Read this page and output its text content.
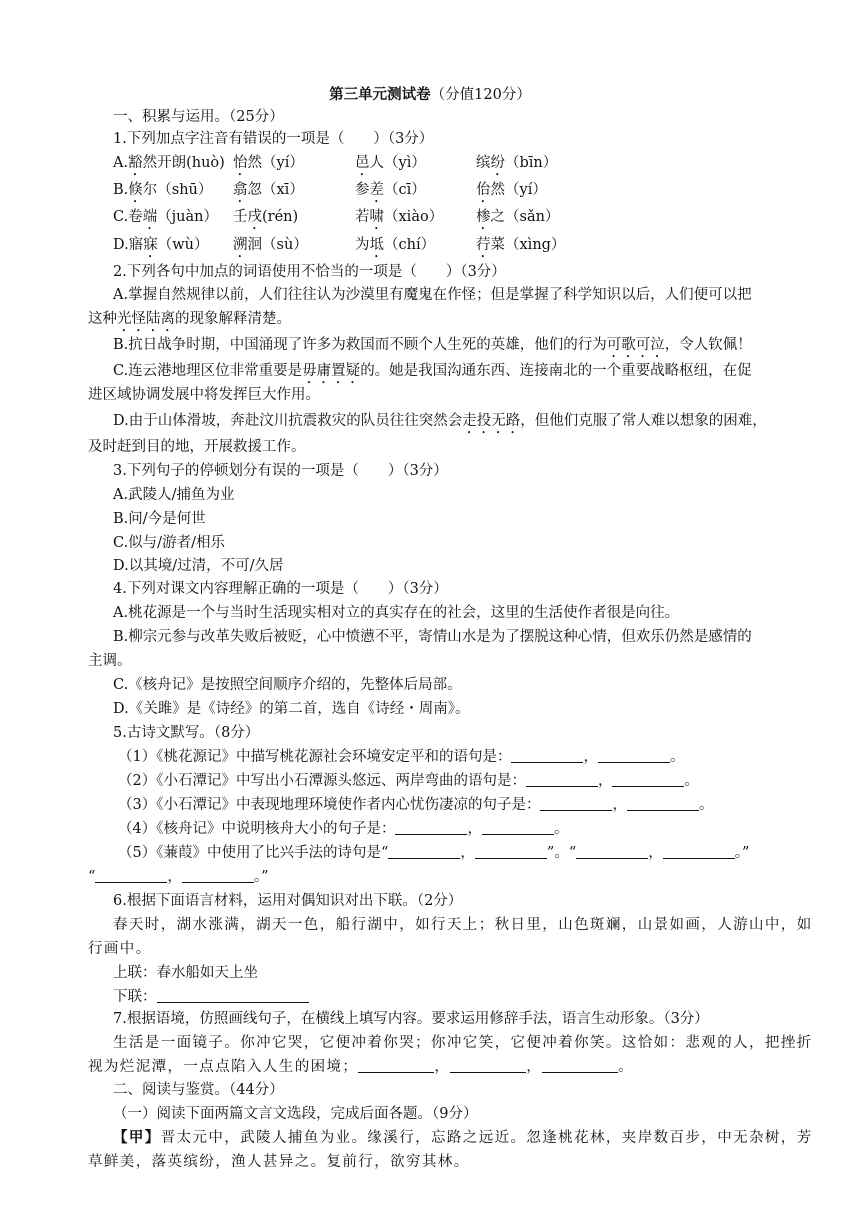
第三单元测试卷（分值120分）
一、积累与运用。（25分）
1.下列加点字注音有错误的一项是（　　）（3分）
A.豁然开朗(huò) 怡然（yí）	邑人（yì）	缤纷（bīn）
B.倏尔（shū） 翕忽（xī）	参差（cī）	佁然（yí）
C.卷端（juàn） 壬戌(rén)	若啸（xiào） 椮之（sǎn）
D.寤寐（wù） 溯洄（sù）	为坻（chí）	荇菜（xìng）
2.下列各句中加点的词语使用不恰当的一项是（　　）（3分）
A.掌握自然规律以前，人们往往认为沙漠里有魔鬼在作怪；但是掌握了科学知识以后，人们便可以把
这种光怪陆离的现象解释清楚。
B.抗日战争时期，中国涌现了许多为救国而不顾个人生死的英雄，他们的行为可歌可泣，令人钦佩！
C.连云港地理区位非常重要是毋庸置疑的。她是我国沟通东西、连接南北的一个重要战略枢纽，在促
进区域协调发展中将发挥巨大作用。
D.由于山体滑坡，奔赴汶川抗震救灾的队员往往突然会走投无路，但他们克服了常人难以想象的困难，
及时赶到目的地，开展救援工作。
3.下列句子的停顿划分有误的一项是（　　）（3分）
A.武陵人/捕鱼为业
B.问/今是何世
C.似与/游者/相乐
D.以其境/过清，不可/久居
4.下列对课文内容理解正确的一项是（　　）（3分）
A.桃花源是一个与当时生活现实相对立的真实存在的社会，这里的生活使作者很是向往。
B.柳宗元参与改革失败后被贬，心中愤懑不平，寄情山水是为了摆脱这种心情，但欢乐仍然是感情的
主调。
C.《核舟记》是按照空间顺序介绍的，先整体后局部。
D.《关雎》是《诗经》的第二首，选自《诗经・周南》。
5.古诗文默写。（8分）
（1）《桃花源记》中描写桃花源社会环境安定平和的语句是：	，	。
（2）《小石潭记》中写出小石潭源头悠远、两岸弯曲的语句是：	，	。
（3）《小石潭记》中表现地理环境使作者内心忧伤凄凉的句子是：	，	。
（4）《核舟记》中说明核舟大小的句子是：	，	。
（5）《蒹葭》中使用了比兴手法的诗句是“	，	”。“	，	。”
“	，	。”
6.根据下面语言材料，运用对偶知识对出下联。（2分）
春天时，湖水涨满，湖天一色，船行湖中，如行天上；秋日里，山色斑斓，山景如画，人游山中，如
行画中。
上联：春水船如天上坐
下联：
7.根据语境，仿照画线句子，在横线上填写内容。要求运用修辞手法，语言生动形象。（3分）
生活是一面镜子。你冲它哭，它便冲着你哭；你冲它笑，它便冲着你笑。这恰如：悲观的人，把挫折
视为烂泥潭，一点点陷入人生的困境；	，	，	。
二、阅读与鉴赏。（44分）
（一）阅读下面两篇文言文选段，完成后面各题。（9分）
【甲】晋太元中，武陵人捕鱼为业。缘溪行，忘路之远近。忽逢桃花林，夹岸数百步，中无杂树，芳
草鲜美，落英缤纷，渔人甚异之。复前行，欲穷其林。
